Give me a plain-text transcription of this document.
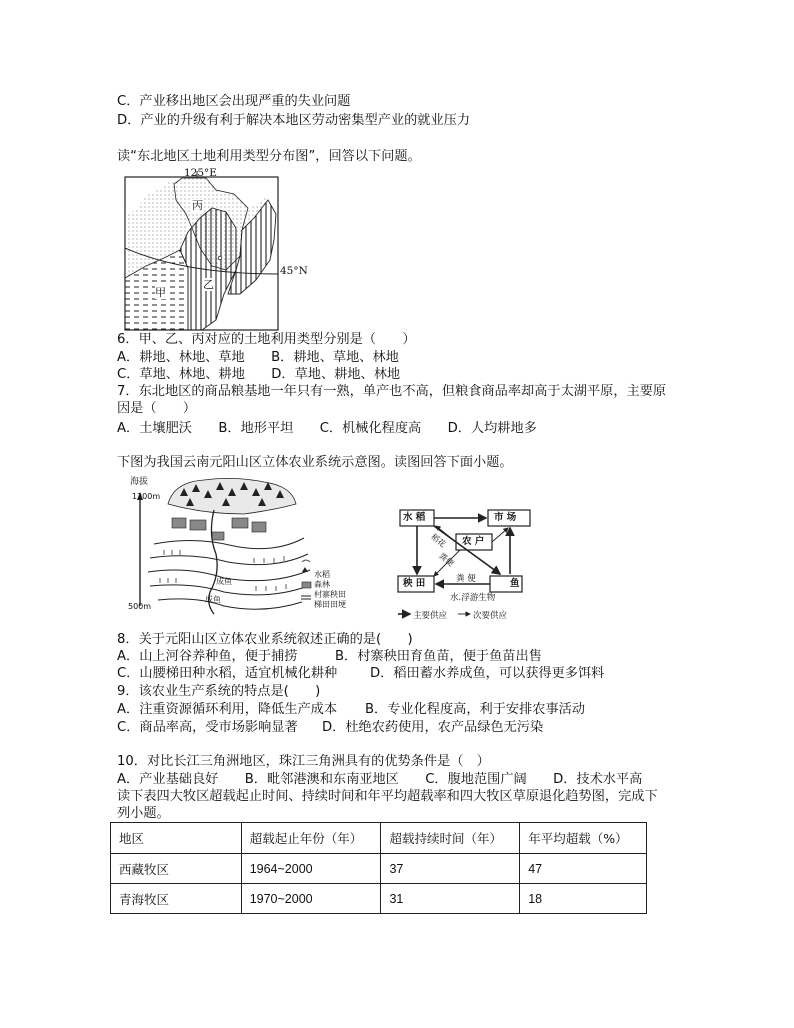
C．产业移出地区会出现严重的失业问题
D．产业的升级有利于解决本地区劳动密集型产业的就业压力
读“东北地区土地利用类型分布图”，回答以下问题。
125°E
45°N
丙
乙
甲
6．甲、乙、丙对应的土地利用类型分别是（　　）
A．耕地、林地、草地　　B．耕地、草地、林地
C．草地、林地、耕地　　D．草地、耕地、林地
7．东北地区的商品粮基地一年只有一熟，单产也不高，但粮食商品率却高于太湖平原，主要原
因是（　　）
A．土壤肥沃　　B．地形平坦　　C．机械化程度高　　D．人均耕地多
下图为我国云南元阳山区立体农业系统示意图。读图回答下面小题。
海拔
1200m
500m
成鱼
成鱼
水稻
森林
村寨秧田
梯田田埂
水 稻	市 场
农 户
秧 田	鱼
稻花
粪便
粪 便
水.浮游生物
主要供应	次要供应
8．关于元阳山区立体农业系统叙述正确的是(　　)
A．山上河谷养种鱼，便于捕捞	B．村寨秧田育鱼苗，便于鱼苗出售
C．山腰梯田种水稻，适宜机械化耕种 D．稻田蓄水养成鱼，可以获得更多饵料
9．该农业生产系统的特点是(　　)
A．注重资源循环利用，降低生产成本 B．专业化程度高，利于安排农事活动
C．商品率高，受市场影响显著 D．杜绝农药使用，农产品绿色无污染
10．对比长江三角洲地区，珠江三角洲具有的优势条件是（　）
A．产业基础良好　　B．毗邻港澳和东南亚地区　　C．腹地范围广阔　　D．技术水平高
读下表四大牧区超载起止时间、持续时间和年平均超载率和四大牧区草原退化趋势图，完成下
列小题。
地区	超载起止年份（年）	超载持续时间（年）	年平均超载（%）
西藏牧区	1964~2000	37	47
青海牧区	1970~2000	31	18
